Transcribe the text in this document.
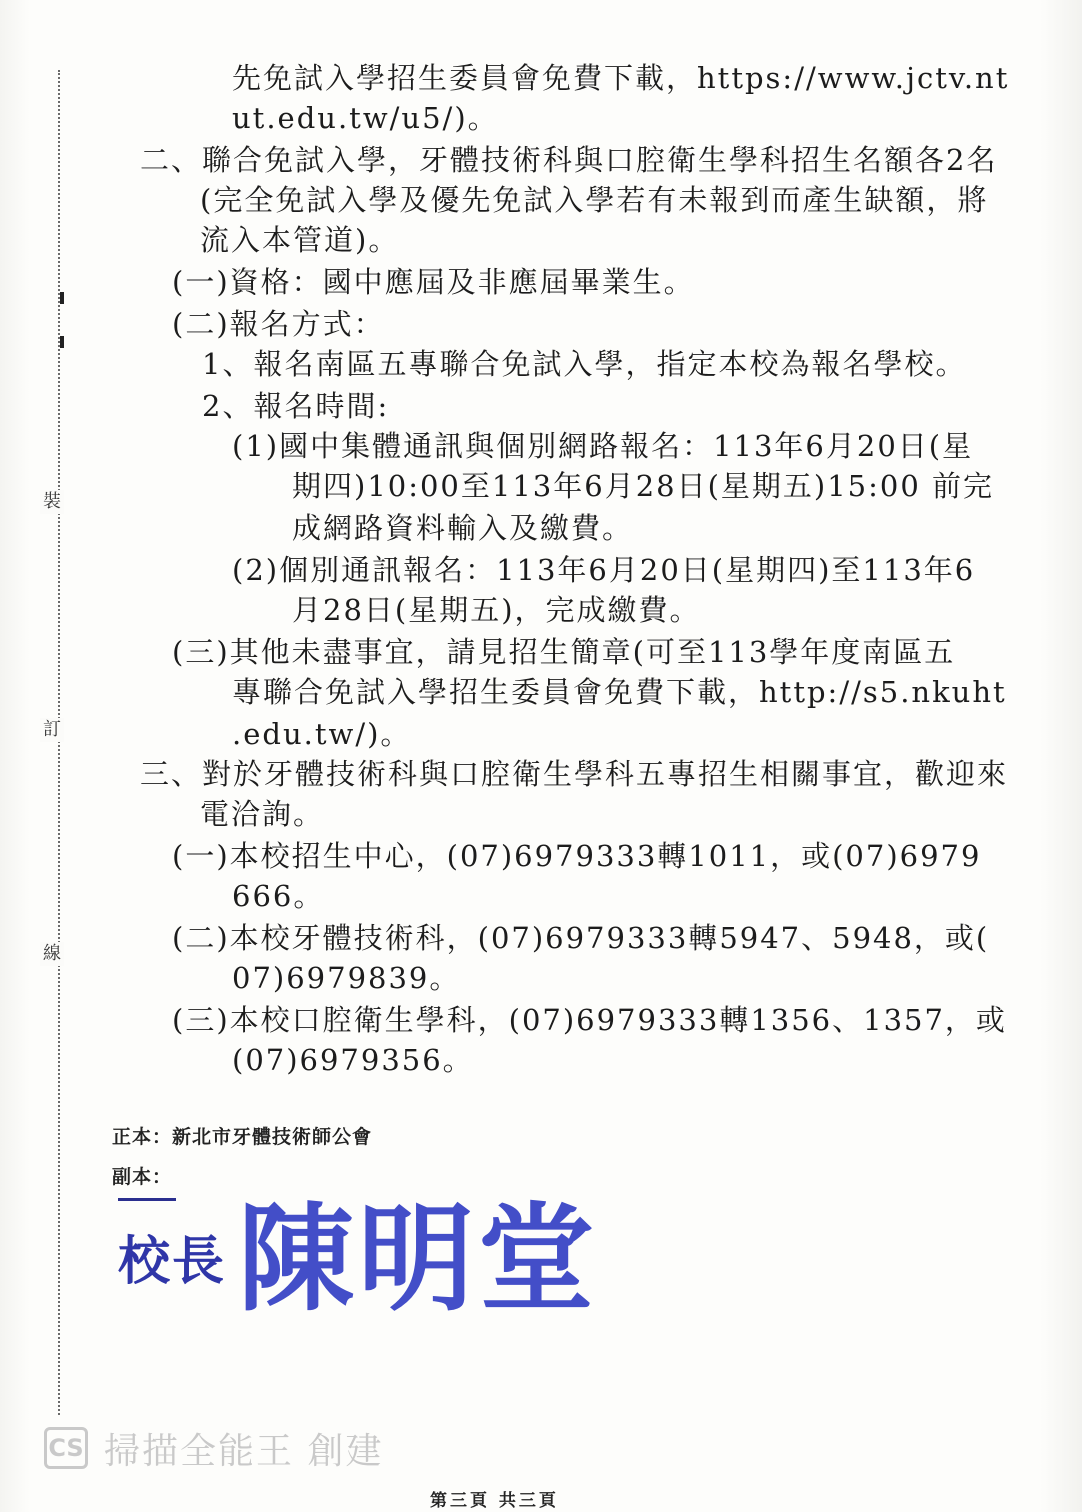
裝
訂
線
先免試入學招生委員會免費下載，https://www.jctv.nt
ut.edu.tw/u5/)。
二、聯合免試入學，牙體技術科與口腔衛生學科招生名額各2名
(完全免試入學及優先免試入學若有未報到而產生缺額，將
流入本管道)。
(一)資格：國中應屆及非應屆畢業生。
(二)報名方式：
1、報名南區五專聯合免試入學，指定本校為報名學校。
2、報名時間:
(1)國中集體通訊與個別網路報名：113年6月20日(星
期四)10:00至113年6月28日(星期五)15:00 前完
成網路資料輸入及繳費。
(2)個別通訊報名：113年6月20日(星期四)至113年6
月28日(星期五)，完成繳費。
(三)其他未盡事宜，請見招生簡章(可至113學年度南區五
專聯合免試入學招生委員會免費下載，http://s5.nkuht
.edu.tw/)。
三、對於牙體技術科與口腔衛生學科五專招生相關事宜，歡迎來
電洽詢。
(一)本校招生中心，(07)6979333轉1011，或(07)6979
666。
(二)本校牙體技術科，(07)6979333轉5947、5948，或(
07)6979839。
(三)本校口腔衛生學科，(07)6979333轉1356、1357，或
(07)6979356。
正本：新北市牙體技術師公會
副本：
校長 陳明堂
CS 掃描全能王 創建
第三頁 共三頁
